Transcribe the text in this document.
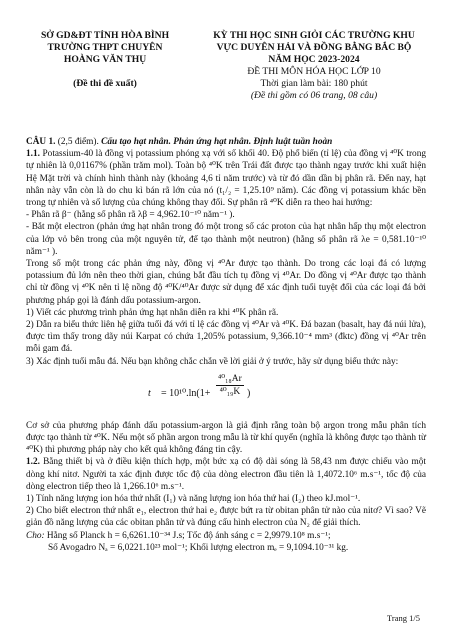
SỞ GD&ĐT TỈNH HÒA BÌNH
TRƯỜNG THPT CHUYÊN
HOÀNG VĂN THỤ
(Đề thi đề xuất)
KỲ THI HỌC SINH GIỎI CÁC TRƯỜNG KHU
VỰC DUYÊN HẢI VÀ ĐỒNG BẰNG BẮC BỘ
NĂM HỌC 2023-2024
ĐỀ THI MÔN HÓA HỌC LỚP 10
Thời gian làm bài: 180 phút
(Đề thi gồm có 06 trang, 08 câu)

CÂU 1. (2,5 điểm). Cấu tạo hạt nhân. Phản ứng hạt nhân. Định luật tuần hoàn

1.1. Potassium-40 là đồng vị potassium phóng xạ với số khối 40. Độ phổ biến (tỉ lệ) của đồng vị ⁴⁰K trong tự nhiên là 0,01167% (phần trăm mol). Toàn bộ ⁴⁰K trên Trái đất được tạo thành ngay trước khi xuất hiện Hệ Mặt trời và chính hình thành này (khoảng 4,6 tỉ năm trước) và từ đó dần dần bị phân rã. Đến nay, hạt nhân này vẫn còn là do chu kì bán rã lớn của nó (t₁/₂ = 1,25.10⁹ năm). Các đồng vị potassium khác bền trong tự nhiên và số lượng của chúng không thay đổi. Sự phân rã ⁴⁰K diễn ra theo hai hướng:

- Phân rã β⁻ (hằng số phân rã λβ = 4,962.10⁻¹⁰ năm⁻¹ ).

- Bắt một electron (phản ứng hạt nhân trong đó một trong số các proton của hạt nhân hấp thụ một electron của lớp vỏ bên trong của một nguyên tử, để tạo thành một neutron) (hằng số phân rã λe = 0,581.10⁻¹⁰ năm⁻¹ ).

Trong số một trong các phản ứng này, đồng vị ⁴⁰Ar được tạo thành. Do trong các loại đá có lượng potassium đủ lớn nên theo thời gian, chúng bắt đầu tích tụ đồng vị ⁴⁰Ar. Do đồng vị ⁴⁰Ar được tạo thành chỉ từ đồng vị ⁴⁰K nên tỉ lệ nồng độ ⁴⁰K/⁴⁰Ar được sử dụng để xác định tuổi tuyệt đối của các loại đá bởi phương pháp gọi là đánh dấu potassium-argon.

1) Viết các phương trình phản ứng hạt nhân diễn ra khi ⁴⁰K phân rã.

2) Dẫn ra biểu thức liên hệ giữa tuổi đá với tỉ lệ các đồng vị ⁴⁰Ar và ⁴⁰K. Đá bazan (basalt, hay đá núi lửa), được tìm thấy trong dãy núi Karpat có chứa 1,205% potassium, 9,366.10⁻⁴ mm³ (đktc) đồng vị ⁴⁰Ar trên mỗi gam đá.

3) Xác định tuổi mẫu đá. Nếu bạn không chắc chắn về lời giải ở ý trước, hãy sử dụng biểu thức này:

$t = 10^{10}.\ln(1+ \frac{\text{⁴⁰₁₈Ar}}{\text{⁴⁰₁₉K}}$ )

Cơ sở của phương pháp đánh dấu potassium-argon là giả định rằng toàn bộ argon trong mẫu phân tích được tạo thành từ ⁴⁰K. Nếu một số phần argon trong mẫu là từ khí quyển (nghĩa là không được tạo thành từ ⁴⁰K) thì phương pháp này cho kết quả không đáng tin cậy.

1.2. Bằng thiết bị và ở điều kiện thích hợp, một bức xạ có độ dài sóng là 58,43 nm được chiếu vào một dòng khí nitơ. Người ta xác định được tốc độ của dòng electron đầu tiên là 1,4072.10⁶ m.s⁻¹, tốc độ của dòng electron tiếp theo là 1,266.10⁶ m.s⁻¹.

1) Tính năng lượng ion hóa thứ nhất (I₁) và năng lượng ion hóa thứ hai (I₂) theo kJ.mol⁻¹.

2) Cho biết electron thứ nhất e₁, electron thứ hai e₂ được bứt ra từ obitan phân tử nào của nitơ? Vì sao? Vẽ giản đồ năng lượng của các obitan phân tử và đúng cấu hình electron của N₂ để giải thích.

Cho: Hằng số Planck h = 6,6261.10⁻³⁴ J.s; Tốc độ ánh sáng c = 2,9979.10⁸ m.s⁻¹;

Số Avogadro Nₐ = 6,0221.10²³ mol⁻¹; Khối lượng electron mₑ = 9,1094.10⁻³¹ kg.

Trang 1/5
